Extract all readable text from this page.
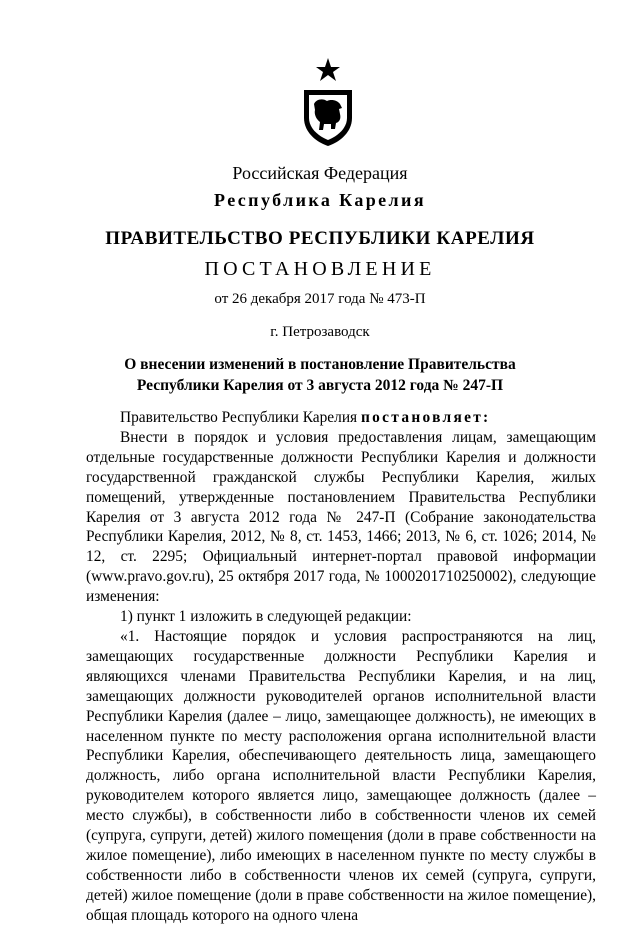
Российская Федерация
Республика Карелия
ПРАВИТЕЛЬСТВО РЕСПУБЛИКИ КАРЕЛИЯ
ПОСТАНОВЛЕНИЕ
от 26 декабря 2017 года № 473-П
г. Петрозаводск
О внесении изменений в постановление Правительства
Республики Карелия от 3 августа 2012 года № 247-П

Правительство Республики Карелия постановляет:

Внести в порядок и условия предоставления лицам, замещающим отдельные государственные должности Республики Карелия и должности государственной гражданской службы Республики Карелия, жилых помещений, утвержденные постановлением Правительства Республики Карелия от 3 августа 2012 года № 247-П (Собрание законодательства Республики Карелия, 2012, № 8, ст. 1453, 1466; 2013, № 6, ст. 1026; 2014, № 12, ст. 2295; Официальный интернет-портал правовой информации (www.pravo.gov.ru), 25 октября 2017 года, № 1000201710250002), следующие изменения:

1) пункт 1 изложить в следующей редакции:

«1. Настоящие порядок и условия распространяются на лиц, замещающих государственные должности Республики Карелия и являющихся членами Правительства Республики Карелия, и на лиц, замещающих должности руководителей органов исполнительной власти Республики Карелия (далее – лицо, замещающее должность), не имеющих в населенном пункте по месту расположения органа исполнительной власти Республики Карелия, обеспечивающего деятельность лица, замещающего должность, либо органа исполнительной власти Республики Карелия, руководителем которого является лицо, замещающее должность (далее – место службы), в собственности либо в собственности членов их семей (супруга, супруги, детей) жилого помещения (доли в праве собственности на жилое помещение), либо имеющих в населенном пункте по месту службы в собственности либо в собственности членов их семей (супруга, супруги, детей) жилое помещение (доли в праве собственности на жилое помещение), общая площадь которого на одного члена
